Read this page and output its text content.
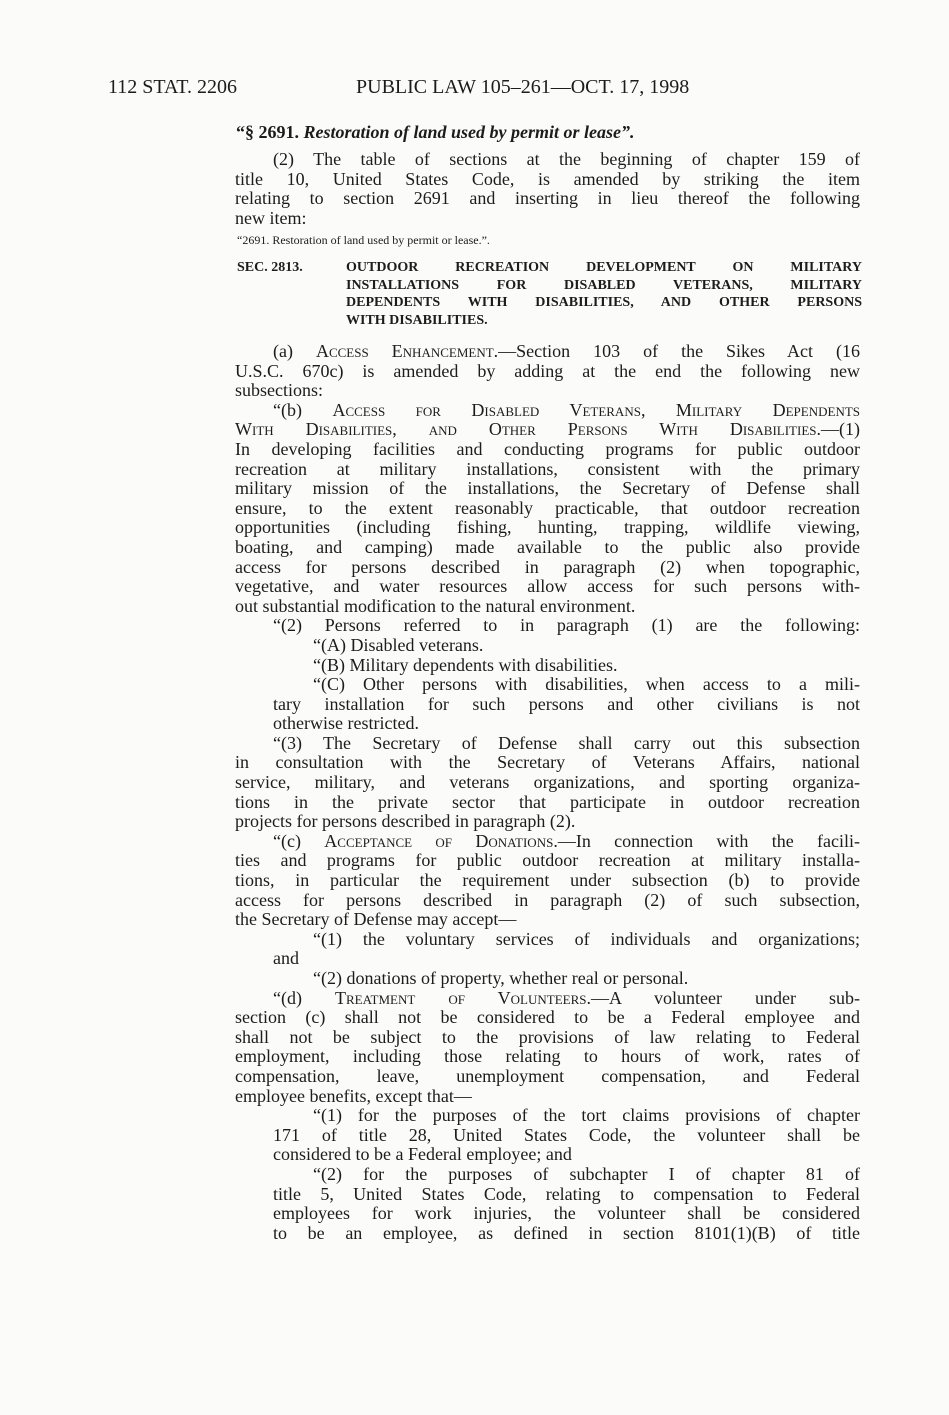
112 STAT. 2206	PUBLIC LAW 105–261—OCT. 17, 1998
“§ 2691. Restoration of land used by permit or lease”.

(2) The table of sections at the beginning of chapter 159 of

title 10, United States Code, is amended by striking the item

relating to section 2691 and inserting in lieu thereof the following

new item:

“2691. Restoration of land used by permit or lease.”.
SEC. 2813.	OUTDOOR RECREATION DEVELOPMENT ON MILITARY

INSTALLATIONS FOR DISABLED VETERANS, MILITARY

DEPENDENTS WITH DISABILITIES, AND OTHER PERSONS

WITH DISABILITIES.

(a) Access Enhancement.—Section 103 of the Sikes Act (16

U.S.C. 670c) is amended by adding at the end the following new

subsections:

“(b) Access for Disabled Veterans, Military Dependents

With Disabilities, and Other Persons With Disabilities.—(1)

In developing facilities and conducting programs for public outdoor

recreation at military installations, consistent with the primary

military mission of the installations, the Secretary of Defense shall

ensure, to the extent reasonably practicable, that outdoor recreation

opportunities (including fishing, hunting, trapping, wildlife viewing,

boating, and camping) made available to the public also provide

access for persons described in paragraph (2) when topographic,

vegetative, and water resources allow access for such persons with-

out substantial modification to the natural environment.

“(2) Persons referred to in paragraph (1) are the following:

“(A) Disabled veterans.

“(B) Military dependents with disabilities.

“(C) Other persons with disabilities, when access to a mili-

tary installation for such persons and other civilians is not

otherwise restricted.

“(3) The Secretary of Defense shall carry out this subsection

in consultation with the Secretary of Veterans Affairs, national

service, military, and veterans organizations, and sporting organiza-

tions in the private sector that participate in outdoor recreation

projects for persons described in paragraph (2).

“(c) Acceptance of Donations.—In connection with the facili-

ties and programs for public outdoor recreation at military installa-

tions, in particular the requirement under subsection (b) to provide

access for persons described in paragraph (2) of such subsection,

the Secretary of Defense may accept—

“(1) the voluntary services of individuals and organizations;

and

“(2) donations of property, whether real or personal.

“(d) Treatment of Volunteers.—A volunteer under sub-

section (c) shall not be considered to be a Federal employee and

shall not be subject to the provisions of law relating to Federal

employment, including those relating to hours of work, rates of

compensation, leave, unemployment compensation, and Federal

employee benefits, except that—

“(1) for the purposes of the tort claims provisions of chapter

171 of title 28, United States Code, the volunteer shall be

considered to be a Federal employee; and

“(2) for the purposes of subchapter I of chapter 81 of

title 5, United States Code, relating to compensation to Federal

employees for work injuries, the volunteer shall be considered

to be an employee, as defined in section 8101(1)(B) of title
